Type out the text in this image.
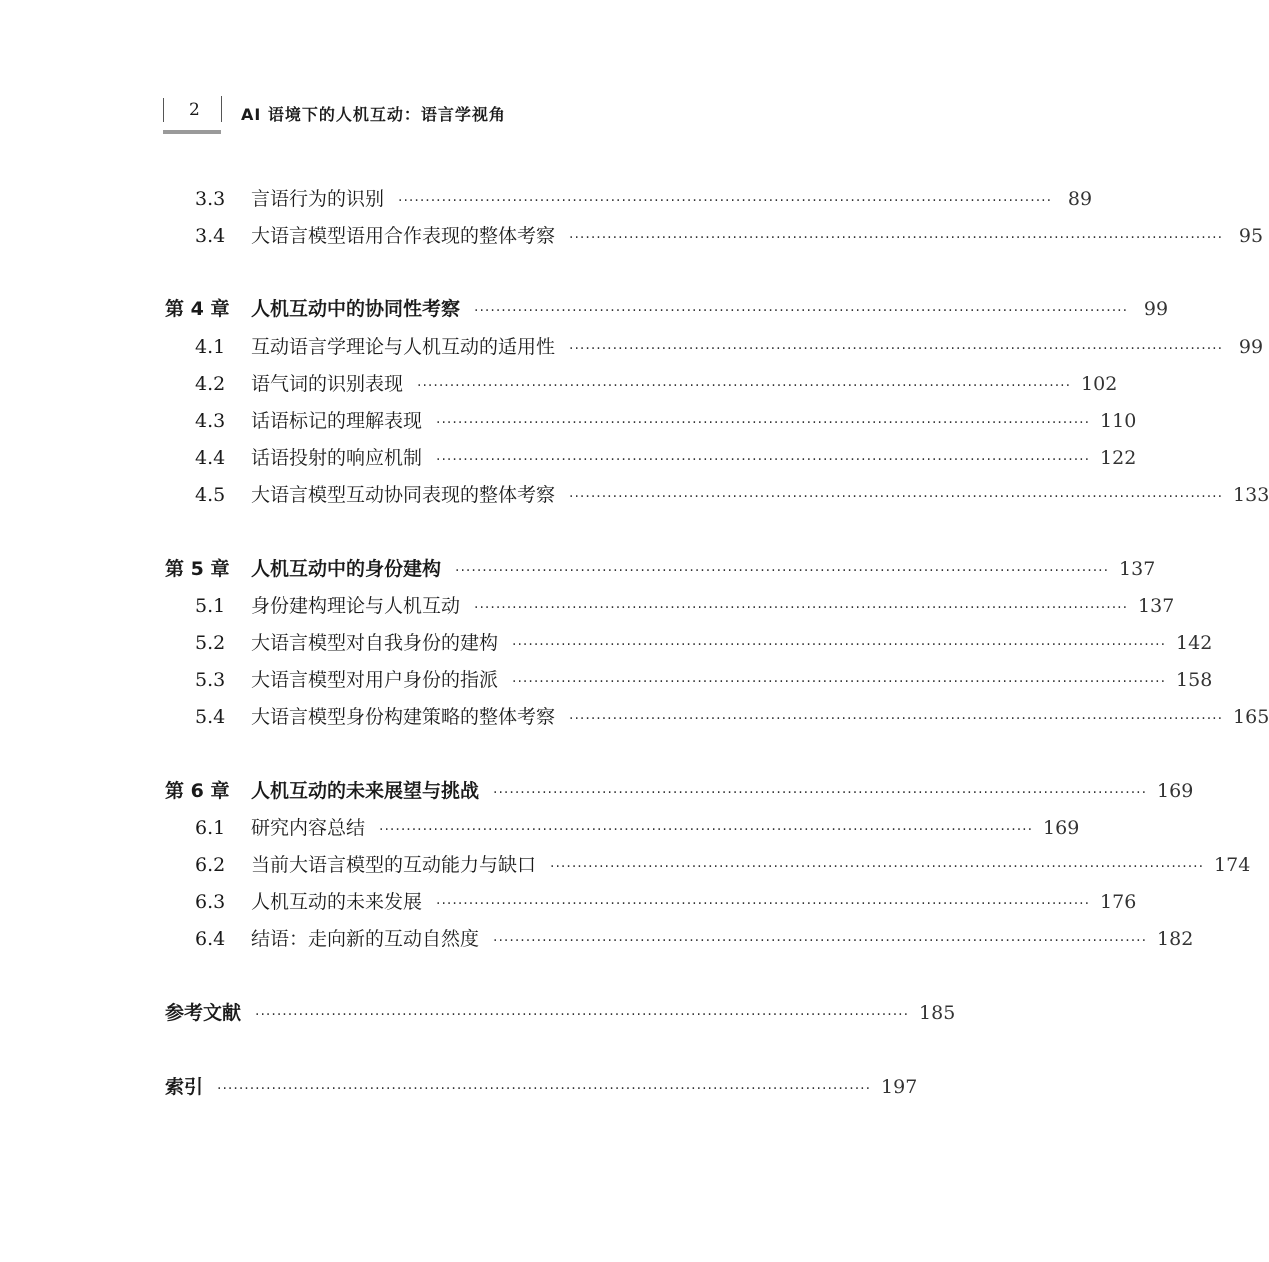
2	AI 语境下的人机互动：语言学视角
3.3	言语行为的识别 ························································································································ 89
3.4	大语言模型语用合作表现的整体考察 ························································································································ 95
第 4 章	人机互动中的协同性考察 ························································································································ 99
4.1	互动语言学理论与人机互动的适用性 ························································································································ 99
4.2	语气词的识别表现 ························································································································ 102
4.3	话语标记的理解表现 ························································································································ 110
4.4	话语投射的响应机制 ························································································································ 122
4.5	大语言模型互动协同表现的整体考察 ························································································································ 133
第 5 章	人机互动中的身份建构 ························································································································ 137
5.1	身份建构理论与人机互动 ························································································································ 137
5.2	大语言模型对自我身份的建构 ························································································································ 142
5.3	大语言模型对用户身份的指派 ························································································································ 158
5.4	大语言模型身份构建策略的整体考察 ························································································································ 165
第 6 章	人机互动的未来展望与挑战 ························································································································ 169
6.1	研究内容总结 ························································································································ 169
6.2	当前大语言模型的互动能力与缺口 ························································································································ 174
6.3	人机互动的未来发展 ························································································································ 176
6.4	结语：走向新的互动自然度 ························································································································ 182
参考文献 ························································································································ 185
索引 ························································································································ 197
